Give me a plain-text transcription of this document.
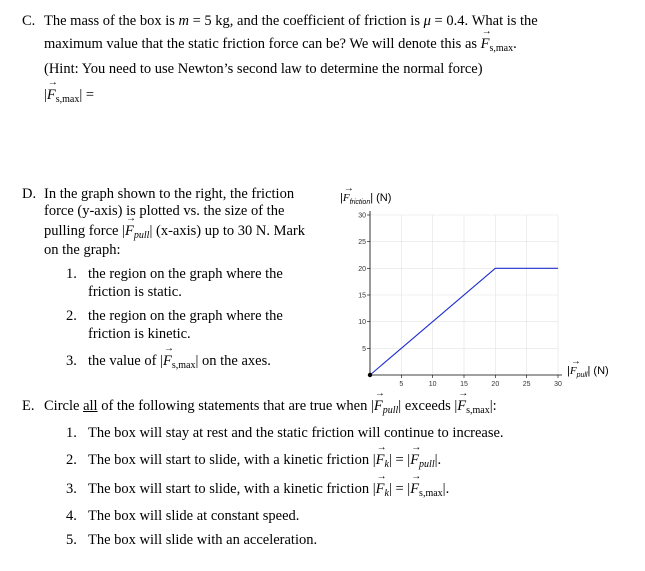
C. The mass of the box is m = 5 kg, and the coefficient of friction is μ = 0.4. What is the
maximum value that the static friction force can be? We will denote this as → $F_{s,max}$.
(Hint: You need to use Newton’s second law to determine the normal force)
|→ $F_{s,max}|$ =
D. In the graph shown to the right, the friction
force (y-axis) is plotted vs. the size of the
pulling force |→ $F_{pull}|$ (x-axis) up to 30 N. Mark
on the graph:
1. the region on the graph where the
friction is static.
2. the region on the graph where the
friction is kinetic.
3. the value of |→ $F_{s,max}|$ on the axes.
|→ $F_{friction}|$ (N)
|→ $F_{pull}|$ (N)
5	10	15	20	25	30
5
10
15
20
25
30
E. Circle all of the following statements that are true when |→ $F_{pull}|$ exceeds |→ $F_{s,max}|$:
1. The box will stay at rest and the static friction will continue to increase.
2. The box will start to slide, with a kinetic friction |→ $F_k|$ = |→ $F_{pull}|$.
3. The box will start to slide, with a kinetic friction |→ $F_k|$ = |→ $F_{s,max}|$.
4. The box will slide at constant speed.
5. The box will slide with an acceleration.
